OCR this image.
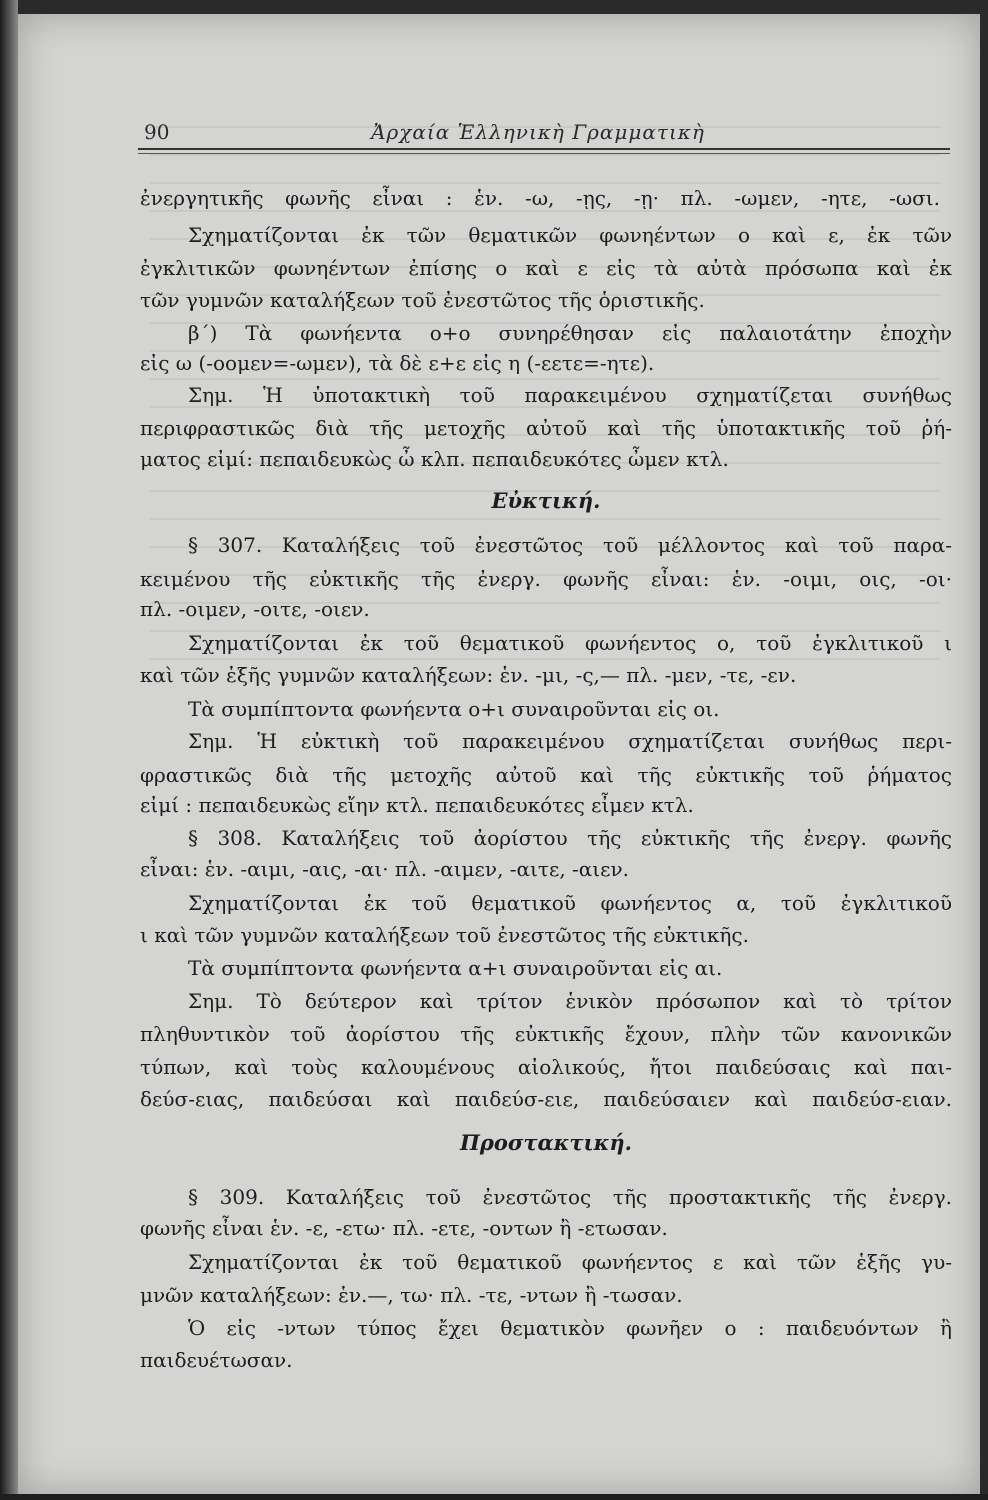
90	Ἀρχαία Ἑλληνικὴ Γραμματικὴ
ἐνεργητικῆς φωνῆς εἶναι : ἑν. -ω, -ῃς, -ῃ· πλ. -ωμεν, -ητε, -ωσι.
Σχηματίζονται ἐκ τῶν θεματικῶν φωνηέντων ο καὶ ε, ἐκ τῶν
ἐγκλιτικῶν φωνηέντων ἐπίσης ο καὶ ε εἰς τὰ αὐτὰ πρόσωπα καὶ ἐκ
τῶν γυμνῶν καταλήξεων τοῦ ἐνεστῶτος τῆς ὁριστικῆς.
β΄) Τὰ φωνήεντα ο+ο συνηρέθησαν εἰς παλαιοτάτην ἐποχὴν
εἰς ω (-οομεν=-ωμεν), τὰ δὲ ε+ε εἰς η (-εετε=-ητε).
Σημ. Ἡ ὑποτακτικὴ τοῦ παρακειμένου σχηματίζεται συνήθως
περιφραστικῶς διὰ τῆς μετοχῆς αὐτοῦ καὶ τῆς ὑποτακτικῆς τοῦ ῥή-
ματος εἰμί: πεπαιδευκὼς ὦ κλπ. πεπαιδευκότες ὦμεν κτλ.
Εὐκτική.
§ 307. Καταλήξεις τοῦ ἐνεστῶτος τοῦ μέλλοντος καὶ τοῦ παρα-
κειμένου τῆς εὐκτικῆς τῆς ἐνεργ. φωνῆς εἶναι: ἑν. -οιμι, οις, -οι·
πλ. -οιμεν, -οιτε, -οιεν.
Σχηματίζονται ἐκ τοῦ θεματικοῦ φωνήεντος ο, τοῦ ἐγκλιτικοῦ ι
καὶ τῶν ἑξῆς γυμνῶν καταλήξεων: ἑν. -μι, -ς,— πλ. -μεν, -τε, -εν.
Τὰ συμπίπτοντα φωνήεντα ο+ι συναιροῦνται εἰς οι.
Σημ. Ἡ εὐκτικὴ τοῦ παρακειμένου σχηματίζεται συνήθως περι-
φραστικῶς διὰ τῆς μετοχῆς αὐτοῦ καὶ τῆς εὐκτικῆς τοῦ ῥήματος
εἰμί : πεπαιδευκὼς εἴην κτλ. πεπαιδευκότες εἶμεν κτλ.
§ 308. Καταλήξεις τοῦ ἀορίστου τῆς εὐκτικῆς τῆς ἐνεργ. φωνῆς
εἶναι: ἑν. -αιμι, -αις, -αι· πλ. -αιμεν, -αιτε, -αιεν.
Σχηματίζονται ἐκ τοῦ θεματικοῦ φωνήεντος α, τοῦ ἐγκλιτικοῦ
ι καὶ τῶν γυμνῶν καταλήξεων τοῦ ἐνεστῶτος τῆς εὐκτικῆς.
Τὰ συμπίπτοντα φωνήεντα α+ι συναιροῦνται εἰς αι.
Σημ. Τὸ δεύτερον καὶ τρίτον ἑνικὸν πρόσωπον καὶ τὸ τρίτον
πληθυντικὸν τοῦ ἀορίστου τῆς εὐκτικῆς ἔχουν, πλὴν τῶν κανονικῶν
τύπων, καὶ τοὺς καλουμένους αἰολικούς, ἤτοι παιδεύσαις καὶ παι-
δεύσ-ειας, παιδεύσαι καὶ παιδεύσ-ειε, παιδεύσαιεν καὶ παιδεύσ-ειαν.
Προστακτική.
§ 309. Καταλήξεις τοῦ ἐνεστῶτος τῆς προστακτικῆς τῆς ἐνεργ.
φωνῆς εἶναι ἑν. -ε, -ετω· πλ. -ετε, -οντων ἢ -ετωσαν.
Σχηματίζονται ἐκ τοῦ θεματικοῦ φωνήεντος ε καὶ τῶν ἑξῆς γυ-
μνῶν καταλήξεων: ἑν.—, τω· πλ. -τε, -ντων ἢ -τωσαν.
Ὁ εἰς -ντων τύπος ἔχει θεματικὸν φωνῆεν ο : παιδευόντων ἢ
παιδευέτωσαν.
